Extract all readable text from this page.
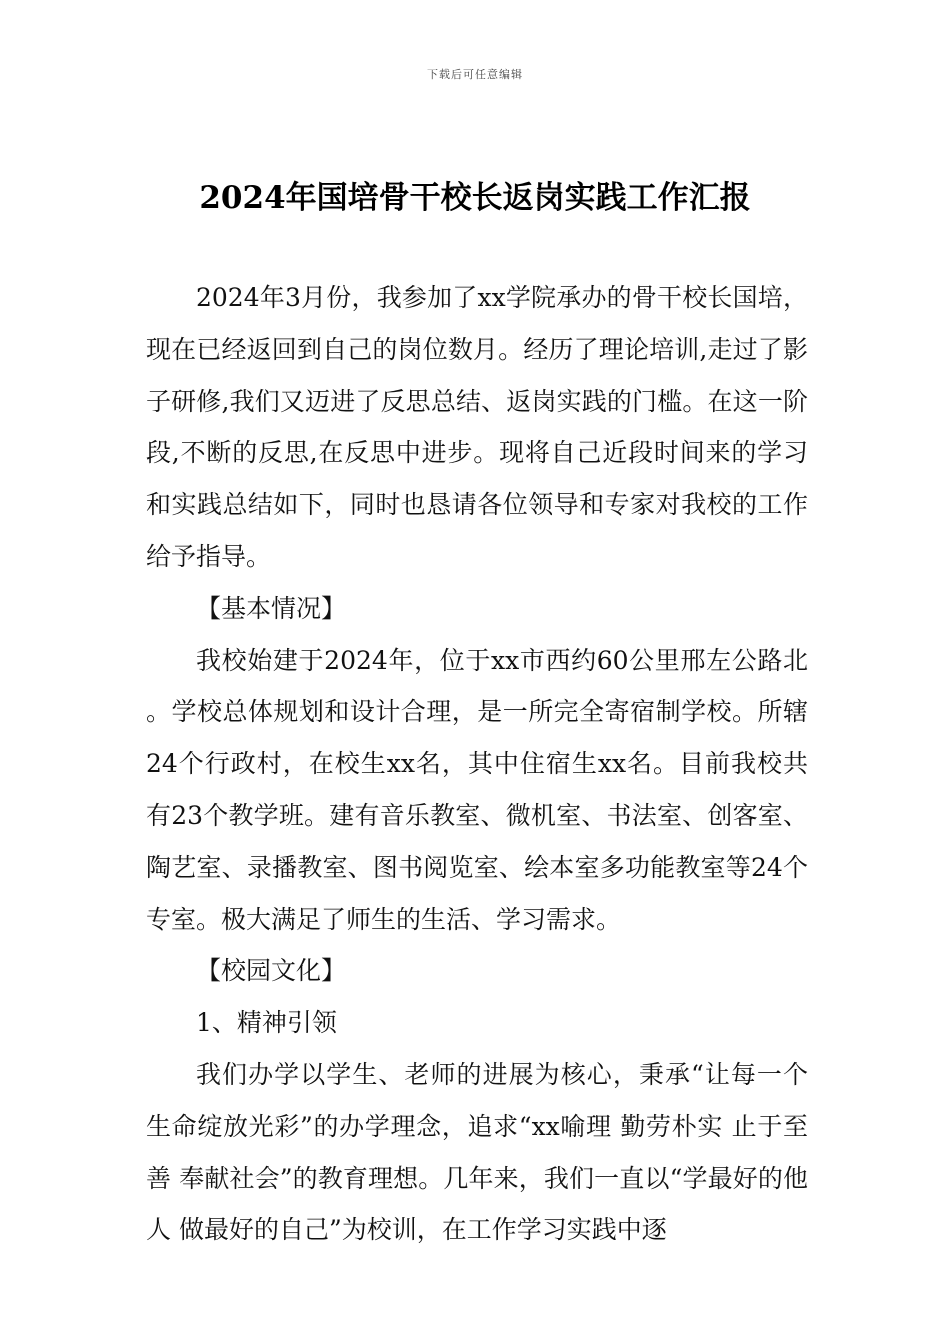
下载后可任意编辑
2024年国培骨干校长返岗实践工作汇报

2024年3月份，我参加了xx学院承办的骨干校长国培，现在已经返回到自己的岗位数月。经历了理论培训,走过了影子研修,我们又迈进了反思总结、返岗实践的门槛。在这一阶段,不断的反思,在反思中进步。现将自己近段时间来的学习和实践总结如下，同时也恳请各位领导和专家对我校的工作给予指导。

【基本情况】

我校始建于2024年，位于xx市西约60公里邢左公路北。学校总体规划和设计合理，是一所完全寄宿制学校。所辖24个行政村，在校生xx名，其中住宿生xx名。目前我校共有23个教学班。建有音乐教室、微机室、书法室、创客室、陶艺室、录播教室、图书阅览室、绘本室多功能教室等24个专室。极大满足了师生的生活、学习需求。

【校园文化】

1、精神引领

我们办学以学生、老师的进展为核心，秉承“让每一个生命绽放光彩”的办学理念，追求“xx喻理 勤劳朴实 止于至善 奉献社会”的教育理想。几年来，我们一直以“学最好的他人 做最好的自己”为校训，在工作学习实践中逐
